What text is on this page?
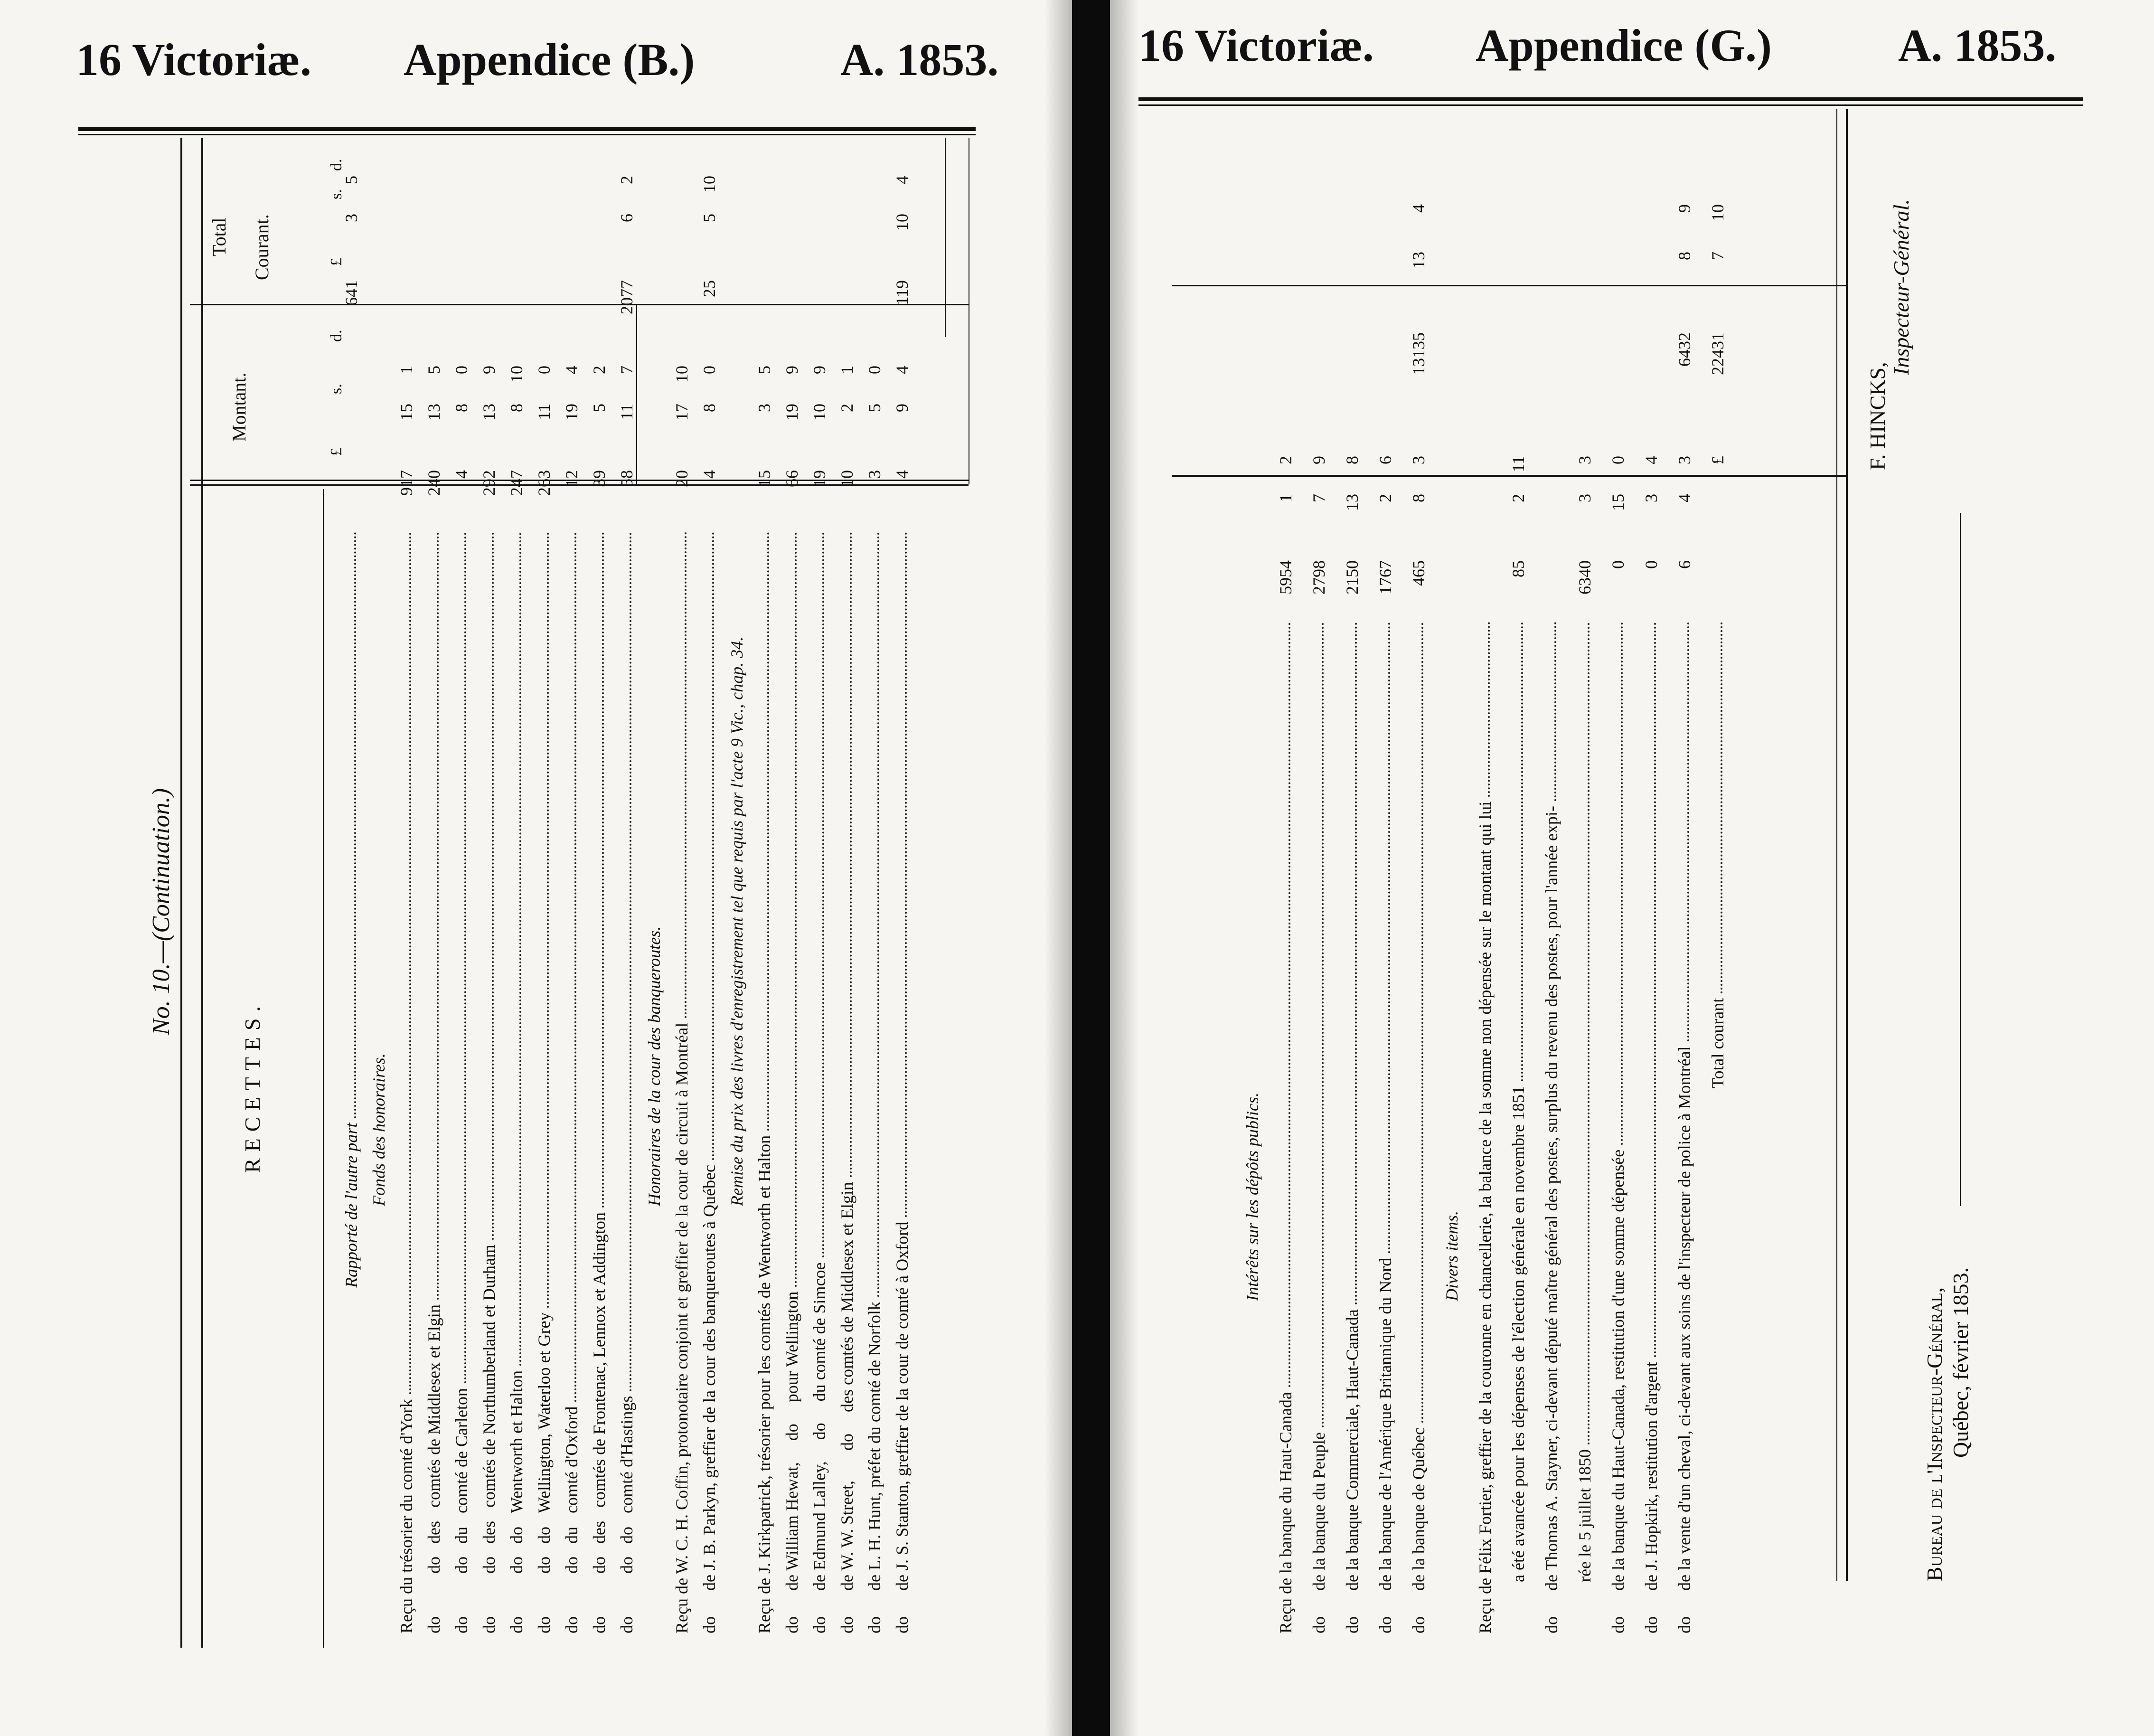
16 Victoriæ. Appendice (B.)	A. 1853.
No. 10.—(Continuation.)
RECETTES.
Montant.
Total Courant.
£
s.
d.
£
s.
d.
Rapporté de l'autre part
641
3
5
Fonds des honoraires.
Reçu du trésorier du comté d'York
917
15
1
do          do   descomtés de Middlesex et Elgin
240
13
5
do          do   ducomté de Carleton
4
8
0
do          do   descomtés de Northumberland et Durham
292
13
9
do          do   doWentworth et Halton
247
8
10
do          do   doWellington, Waterloo et Grey
263
11
0
do          do   ducomté d'Oxford
12
19
4
do          do   descomtés de Frontenac, Lennox et Addington
39
5
2
do          do   docomté d'Hastings
58
11
7
2077
6
2
Honoraires de la cour des banqueroutes. Reçu de W. C. H. Coffin, protonotaire conjoint et greffier de la cour de circuit à Montréal
20
17
10
do      de J. B. Parkyn, greffier de la cour des banqueroutes à Québec
4
8
0
25
5
10
Remise du prix des livres d'enregistrement tel que requis par l'acte 9 Vic., chap. 34.
Reçu de J. Kirkpatrick, trésorier pour les comtés de Wentworth et Halton
15
3
5
do      de William Hewat,     do     pour Wellington
66
19
9
do      de Edmund Lalley,     do     du comté de Simcoe
19
10
9
do      de W. W. Street,       do     des comtés de Middlesex et Elgin
10
2
1
do      de L. H. Hunt, préfet du comté de Norfolk
3
5
0
do      de J. S. Stanton, greffier de la cour de comté à Oxford
4
9
4
119
10
4
16 Victoriæ. Appendice (G.)	A. 1853.
Intérêts sur les dépôts publics.
Reçu de la banque du Haut-Canada
5954
1
2
do      de la banque du Peuple
2798
7
9
do      de la banque Commerciale, Haut-Canada
2150
13
8
do      de la banque de l'Amérique Britannique du Nord
1767
2
6
do      de la banque de Québec
465
8
3
13135
13
4
Divers items. Reçu de Félix Fortier, greffier de la couronne en chancellerie, la balance de la somme non dépensée sur le montant qui lui a été avancée pour les dépenses de l'élection générale en novembre 1851
85
2
11
do      de Thomas A. Stayner, ci-devant député maître général des postes, surplus du revenu des postes, pour l'année expi- rée le 5 juillet 1850
6340
3
3
do      de la banque du Haut-Canada, restitution d'une somme dépensée
0
15
0
do      de J. Hopkirk, restitution d'argent
0
3
4
do      de la vente d'un cheval, ci-devant aux soins de l'inspecteur de police à Montréal
6
4
3
6432
8
9
Total courant
£
22431
7
10
F. HINCKS,
Inspecteur-Général.
Bureau de l'Inspecteur-Général, Québec, février 1853.
